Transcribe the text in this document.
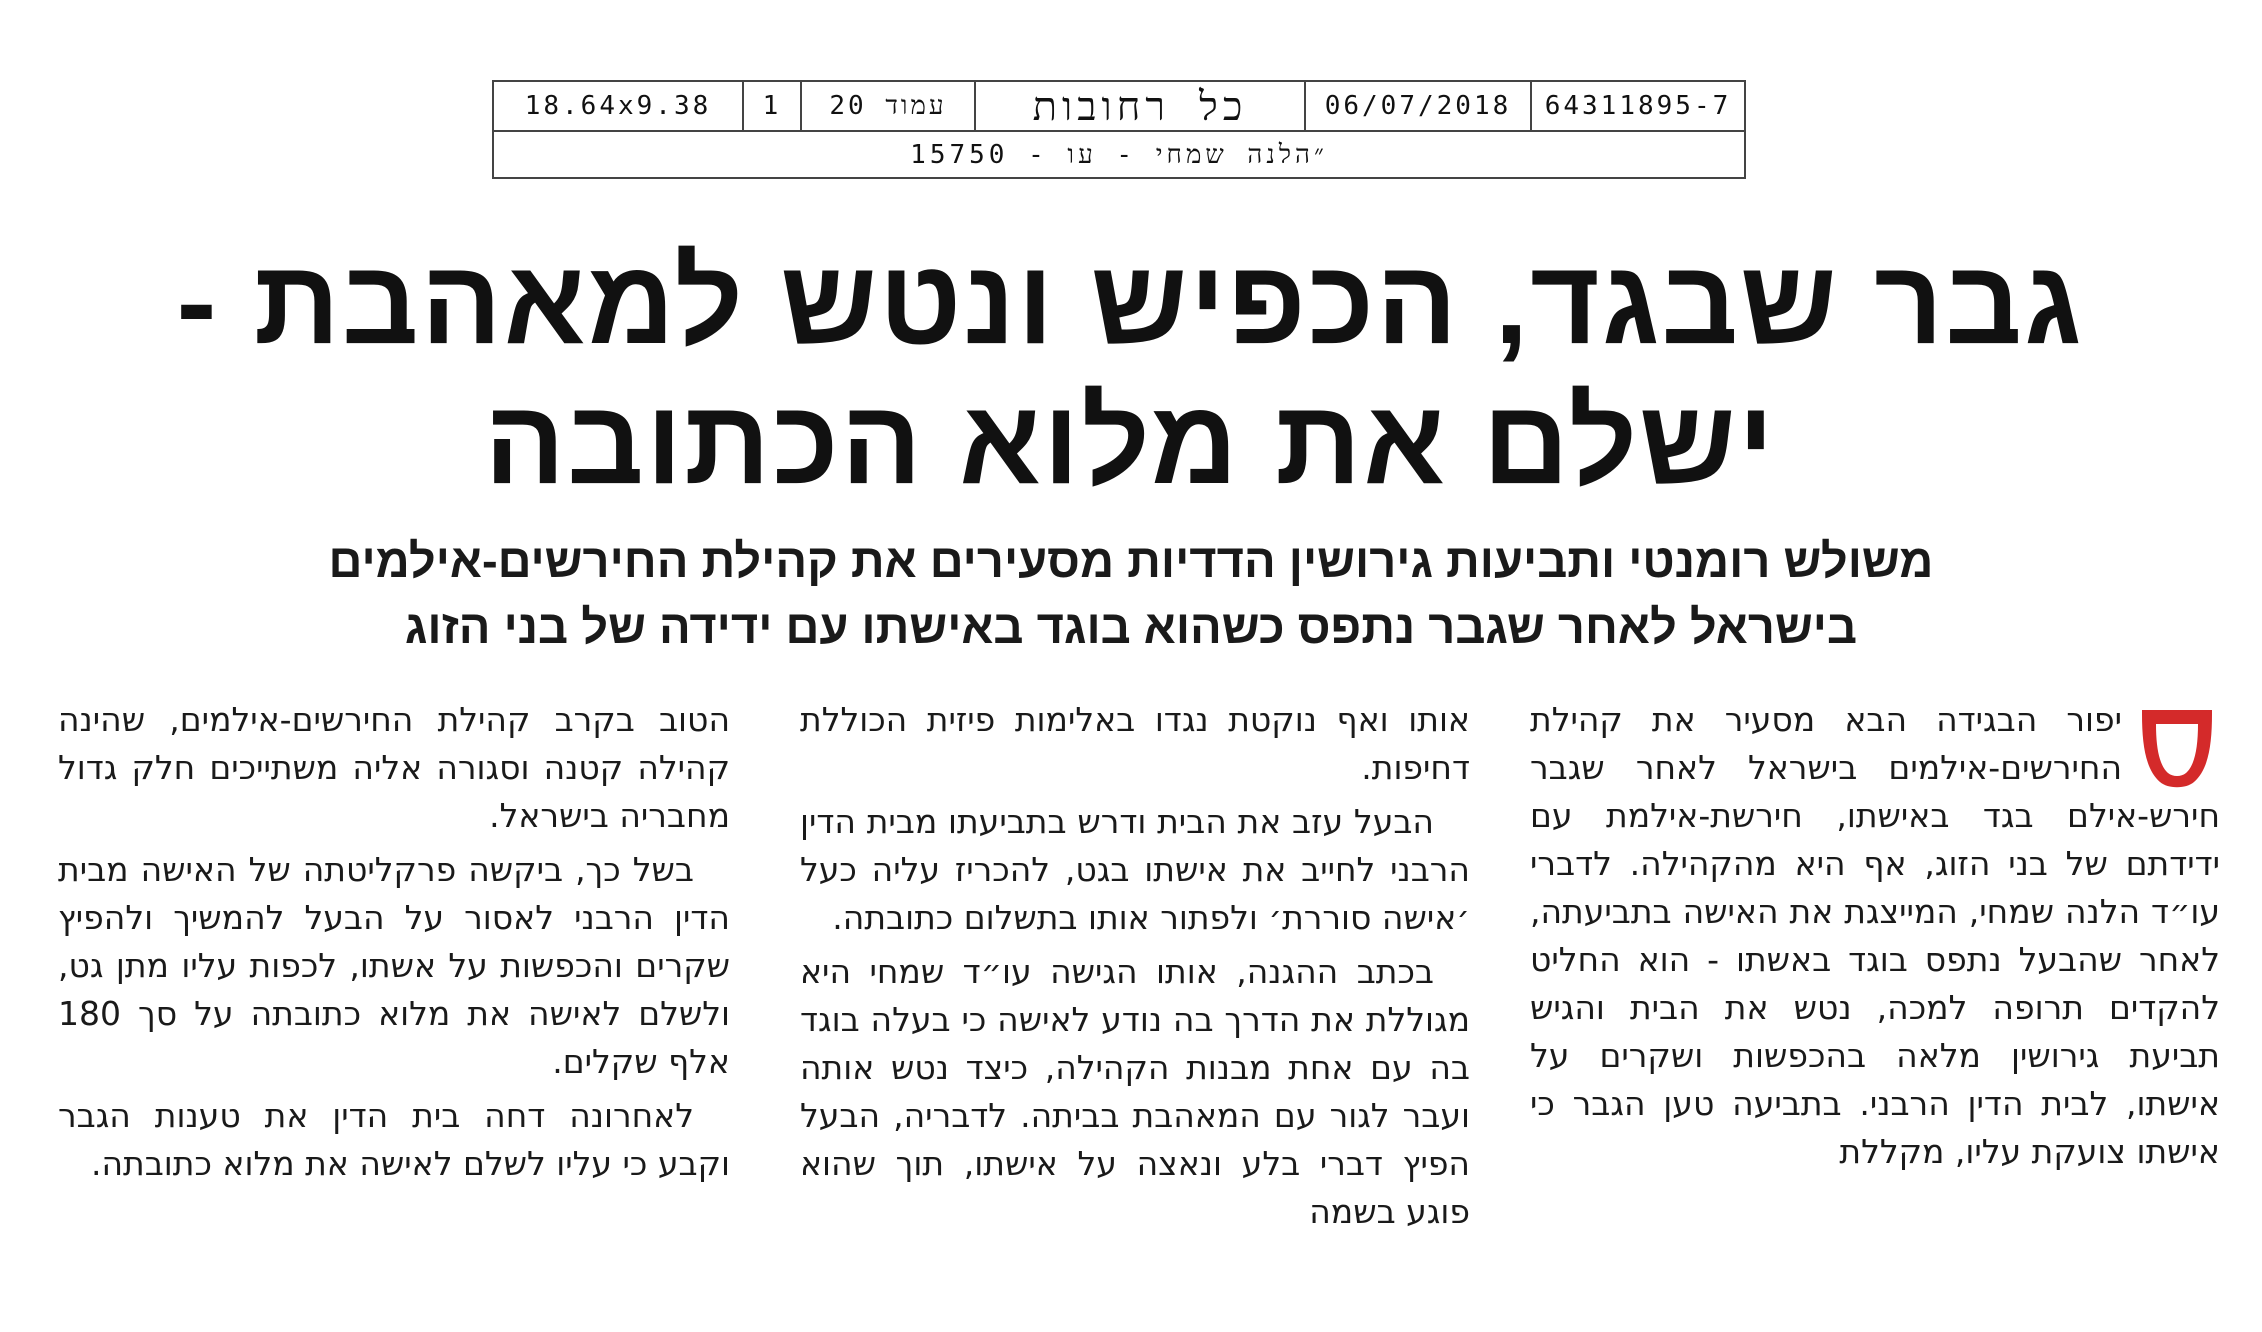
18.64x9.38	1	עמוד 20	כל רחובות	06/07/2018	64311895-7
״הלנה שמחי - עו - 15750
גבר שבגד, הכפיש ונטש למאהבת -
ישלם את מלוא הכתובה
משולש רומנטי ותביעות גירושין הדדיות מסעירים את קהילת החירשים-אילמים
בישראל לאחר שגבר נתפס כשהוא בוגד באישתו עם ידידה של בני הזוג

יפור הבגידה הבא מסעיר את קהילת החירשים-אילמים בישראל לאחר שגבר חירש-אילם בגד באישתו, חירשת-אילמת עם ידידתם של בני הזוג, אף היא מהקהילה. לדברי עו״ד הלנה שמחי, המייצגת את האישה בתביעתה, לאחר שהבעל נתפס בוגד באשתו - הוא החליט להקדים תרופה למכה, נטש את הבית והגיש תביעת גירושין מלאה בהכפשות ושקרים על אישתו, לבית הדין הרבני. בתביעה טען הגבר כי אישתו צועקת עליו, מקללת

אותו ואף נוקטת נגדו באלימות פיזית הכוללת דחיפות.

הבעל עזב את הבית ודרש בתביעתו מבית הדין הרבני לחייב את אישתו בגט, להכריז עליה כעל ׳אישה סוררת׳ ולפתור אותו בתשלום כתובתה.

בכתב ההגנה, אותו הגישה עו״ד שמחי היא מגוללת את הדרך בה נודע לאישה כי בעלה בוגד בה עם אחת מבנות הקהילה, כיצד נטש אותה ועבר לגור עם המאהבת בביתה. לדבריה, הבעל הפיץ דברי בלע ונאצה על אישתו, תוך שהוא פוגע בשמה

הטוב בקרב קהילת החירשים-אילמים, שהינה קהילה קטנה וסגורה אליה משתייכים חלק גדול מחבריה בישראל.

בשל כך, ביקשה פרקליטתה של האישה מבית הדין הרבני לאסור על הבעל להמשיך ולהפיץ שקרים והכפשות על אשתו, לכפות עליו מתן גט, ולשלם לאישה את מלוא כתובתה על סך 180 אלף שקלים.

לאחרונה דחה בית הדין את טענות הגבר וקבע כי עליו לשלם לאישה את מלוא כתובתה.
